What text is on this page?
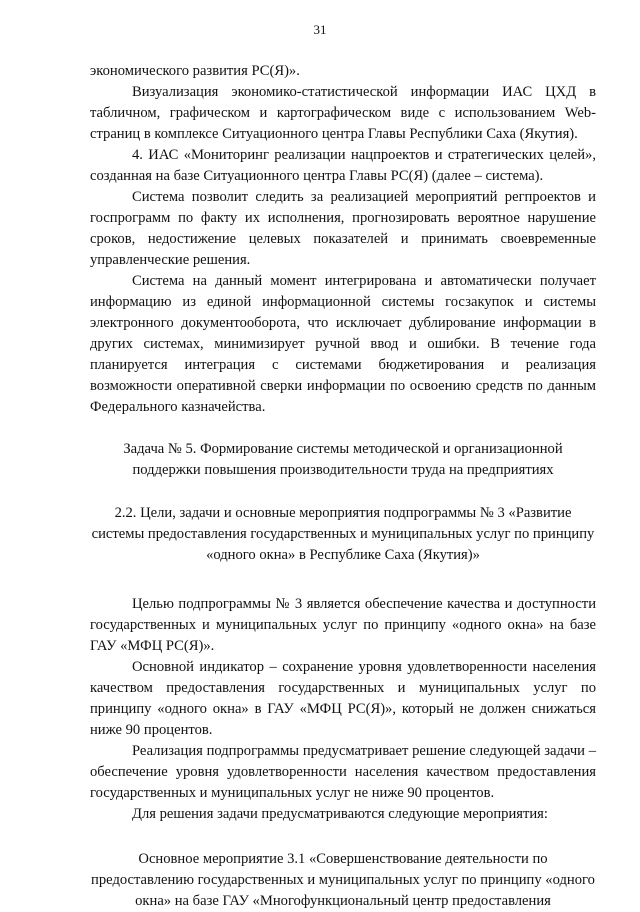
31

экономического развития РС(Я)».

Визуализация экономико-статистической информации ИАС ЦХД в табличном, графическом и картографическом виде с использованием Web-страниц в комплексе Ситуационного центра Главы Республики Саха (Якутия).

4. ИАС «Мониторинг реализации нацпроектов и стратегических целей», созданная на базе Ситуационного центра Главы РС(Я) (далее – система).

Система позволит следить за реализацией мероприятий регпроектов и госпрограмм по факту их исполнения, прогнозировать вероятное нарушение сроков, недостижение целевых показателей и принимать своевременные управленческие решения.

Система на данный момент интегрирована и автоматически получает информацию из единой информационной системы госзакупок и системы электронного документооборота, что исключает дублирование информации в других системах, минимизирует ручной ввод и ошибки. В течение года планируется интеграция с системами бюджетирования и реализация возможности оперативной сверки информации по освоению средств по данным Федерального казначейства.

Задача № 5. Формирование системы методической и организационной поддержки повышения производительности труда на предприятиях

2.2. Цели, задачи и основные мероприятия подпрограммы № 3 «Развитие системы предоставления государственных и муниципальных услуг по принципу «одного окна» в Республике Саха (Якутия)»

Целью подпрограммы № 3 является обеспечение качества и доступности государственных и муниципальных услуг по принципу «одного окна» на базе ГАУ «МФЦ РС(Я)».

Основной индикатор – сохранение уровня удовлетворенности населения качеством предоставления государственных и муниципальных услуг по принципу «одного окна» в ГАУ «МФЦ РС(Я)», который не должен снижаться ниже 90 процентов.

Реализация подпрограммы предусматривает решение следующей задачи – обеспечение уровня удовлетворенности населения качеством предоставления государственных и муниципальных услуг не ниже 90 процентов.

Для решения задачи предусматриваются следующие мероприятия:

Основное мероприятие 3.1 «Совершенствование деятельности по предоставлению государственных и муниципальных услуг по принципу «одного окна» на базе ГАУ «Многофункциональный центр предоставления
